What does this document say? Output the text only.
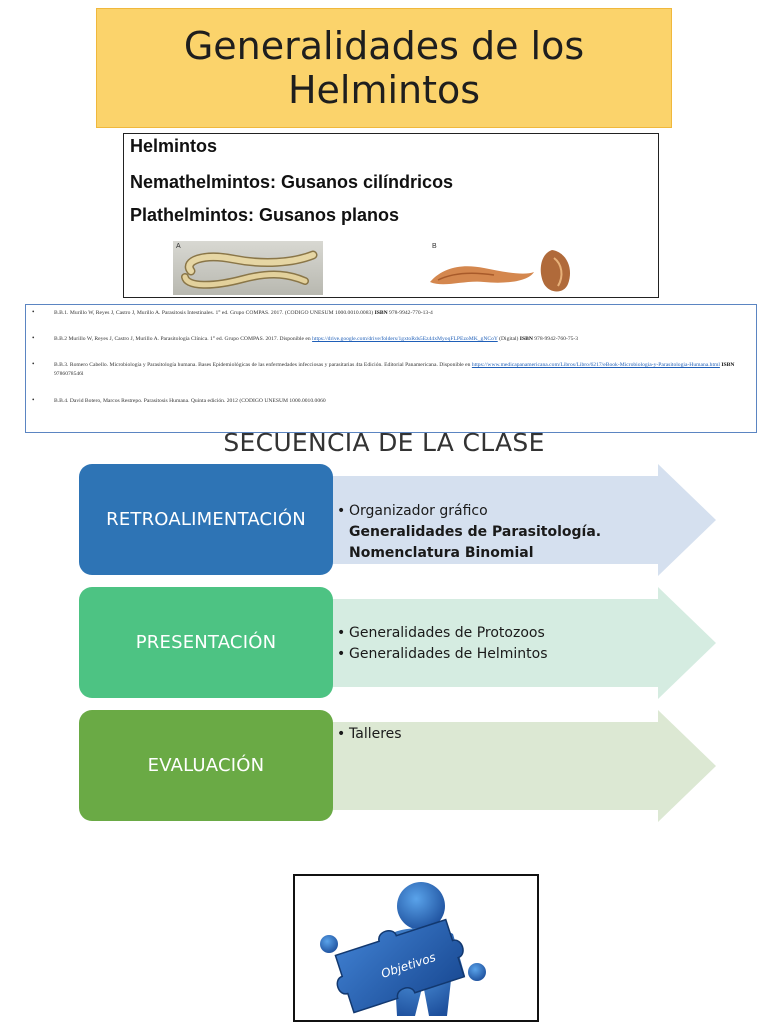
Generalidades de los
Helmintos
Helmintos
Nemathelmintos: Gusanos cilíndricos
Plathelmintos: Gusanos planos
A	B
•	B.B.1. Murillo W, Reyes J, Castro J, Murillo A. Parasitosis Intestinales. 1° ed. Grupo COMPAS. 2017. (CODIGO UNESUM 1000.0010.0083) ISBN 978-9942-770-13-4
•	B.B.2 Murillo W, Reyes J, Castro J, Murillo A. Parasitología Clínica. 1° ed. Grupo COMPAS. 2017. Disponible en https://drive.google.com/drive/folders/1gxtoRds5Ez44xMyoqFLPEzoMK_gNCoY (Digital) ISBN 978-9942-760-75-3
•	B.B.3. Romero Cabello. Microbiología y Parasitología humana. Bases Epidemiológicas de las enfermedades infecciosas y parasitarias 4ta Edición. Editorial Panamericana. Disponible en https://www.medicapanamericana.com/Libros/Libro/6217/eBook-Microbiologia-y-Parasitologia-Humana.html ISBN 9786078546l
•	B.B.4. David Botero, Marcos Restrepo. Parasitosis Humana. Quinta edición. 2012 (CODIGO UNESUM 1000.0010.0060
SECUENCIA DE LA CLASE
RETROALIMENTACIÓN	• Organizador gráfico
Generalidades de Parasitología.
Nomenclatura Binomial
PRESENTACIÓN	• Generalidades de Protozoos
• Generalidades de Helmintos
EVALUACIÓN
• Talleres
Objetivos
